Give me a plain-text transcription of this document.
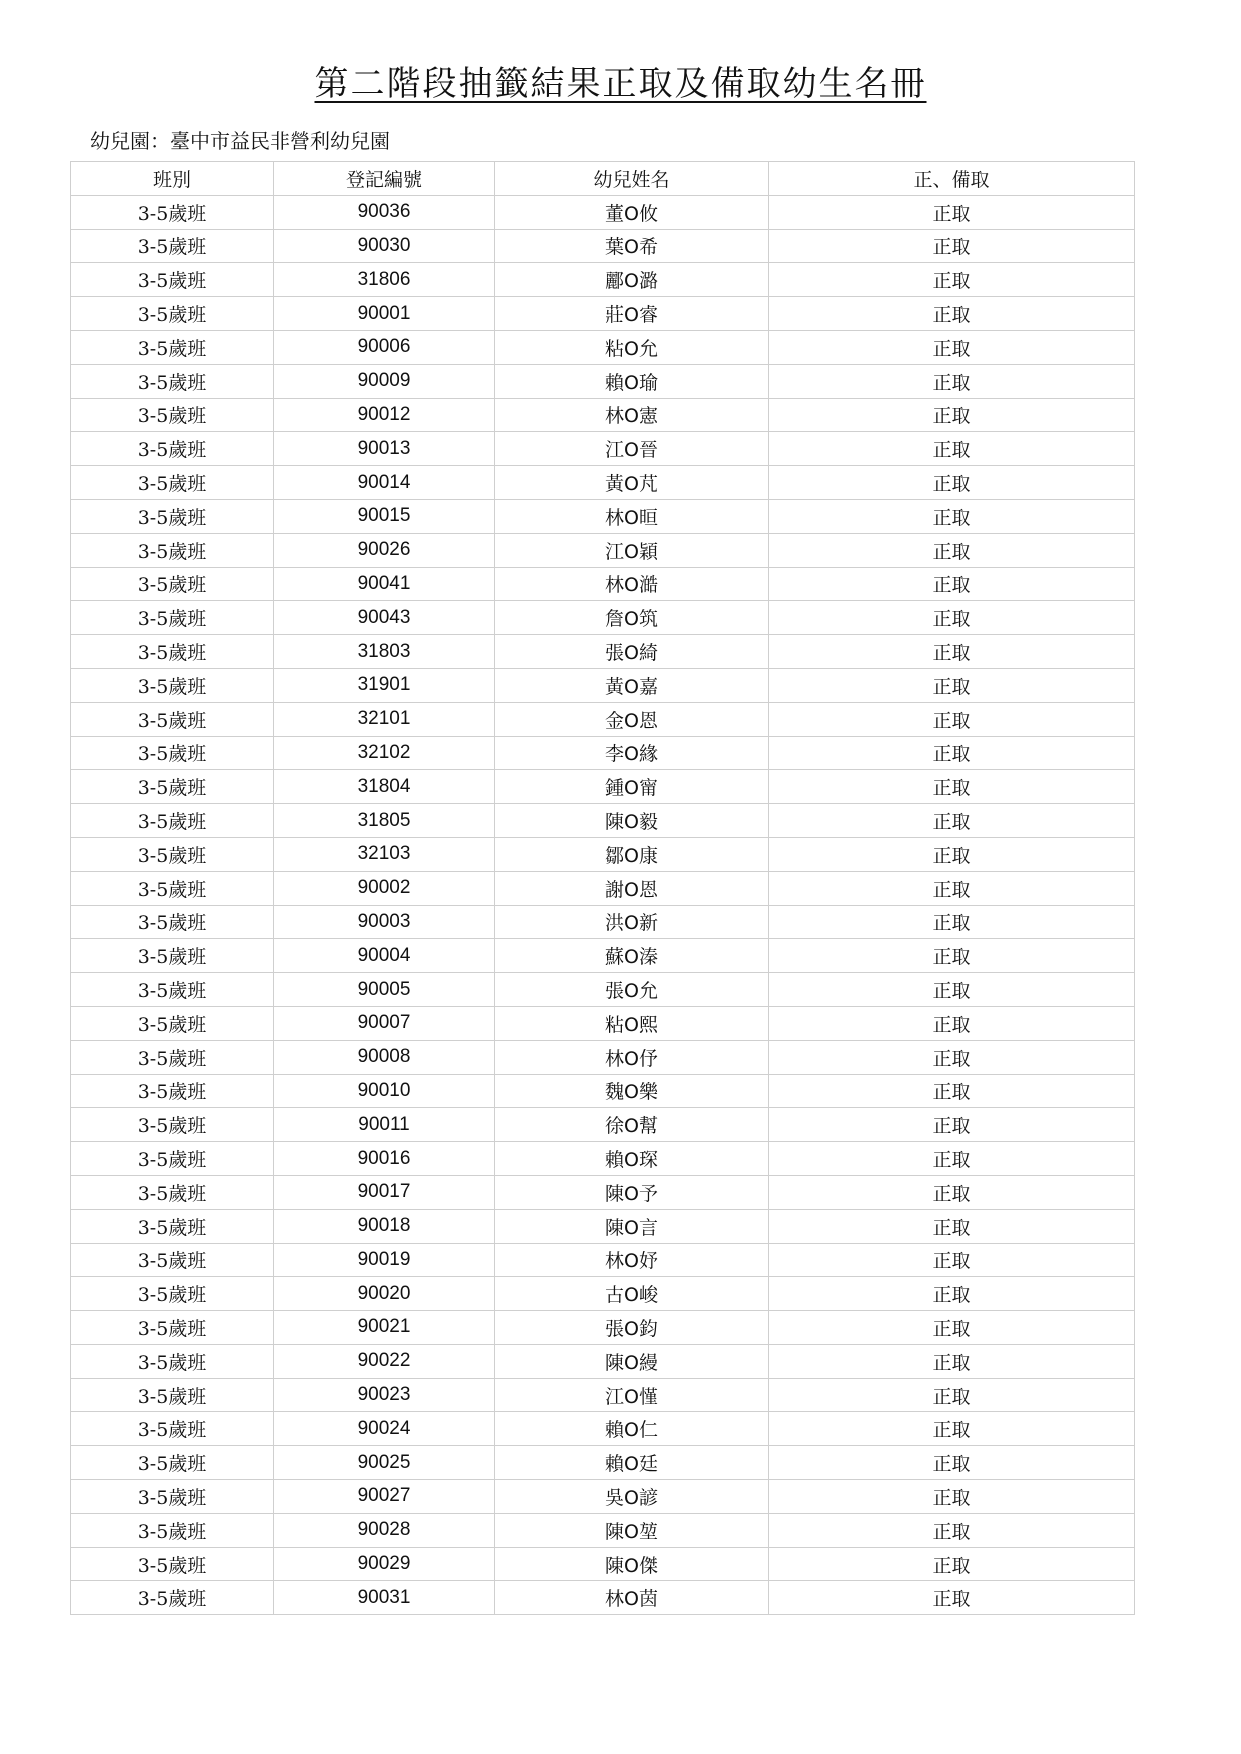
第二階段抽籤結果正取及備取幼生名冊
幼兒園：臺中市益民非營利幼兒園
班別	登記編號	幼兒姓名	正、備取
3-5歲班	90036	董O攸	正取
3-5歲班	90030	葉O希	正取
3-5歲班	31806	酈O潞	正取
3-5歲班	90001	莊O睿	正取
3-5歲班	90006	粘O允	正取
3-5歲班	90009	賴O瑜	正取
3-5歲班	90012	林O憲	正取
3-5歲班	90013	江O晉	正取
3-5歲班	90014	黃O芃	正取
3-5歲班	90015	林O晅	正取
3-5歲班	90026	江O穎	正取
3-5歲班	90041	林O澔	正取
3-5歲班	90043	詹O筑	正取
3-5歲班	31803	張O綺	正取
3-5歲班	31901	黃O嘉	正取
3-5歲班	32101	金O恩	正取
3-5歲班	32102	李O緣	正取
3-5歲班	31804	鍾O甯	正取
3-5歲班	31805	陳O毅	正取
3-5歲班	32103	鄒O康	正取
3-5歲班	90002	謝O恩	正取
3-5歲班	90003	洪O新	正取
3-5歲班	90004	蘇O溱	正取
3-5歲班	90005	張O允	正取
3-5歲班	90007	粘O熙	正取
3-5歲班	90008	林O伃	正取
3-5歲班	90010	魏O樂	正取
3-5歲班	90011	徐O幫	正取
3-5歲班	90016	賴O琛	正取
3-5歲班	90017	陳O予	正取
3-5歲班	90018	陳O言	正取
3-5歲班	90019	林O妤	正取
3-5歲班	90020	古O峻	正取
3-5歲班	90021	張O鈞	正取
3-5歲班	90022	陳O縵	正取
3-5歲班	90023	江O慬	正取
3-5歲班	90024	賴O仁	正取
3-5歲班	90025	賴O廷	正取
3-5歲班	90027	吳O諺	正取
3-5歲班	90028	陳O堃	正取
3-5歲班	90029	陳O傑	正取
3-5歲班	90031	林O茵	正取
